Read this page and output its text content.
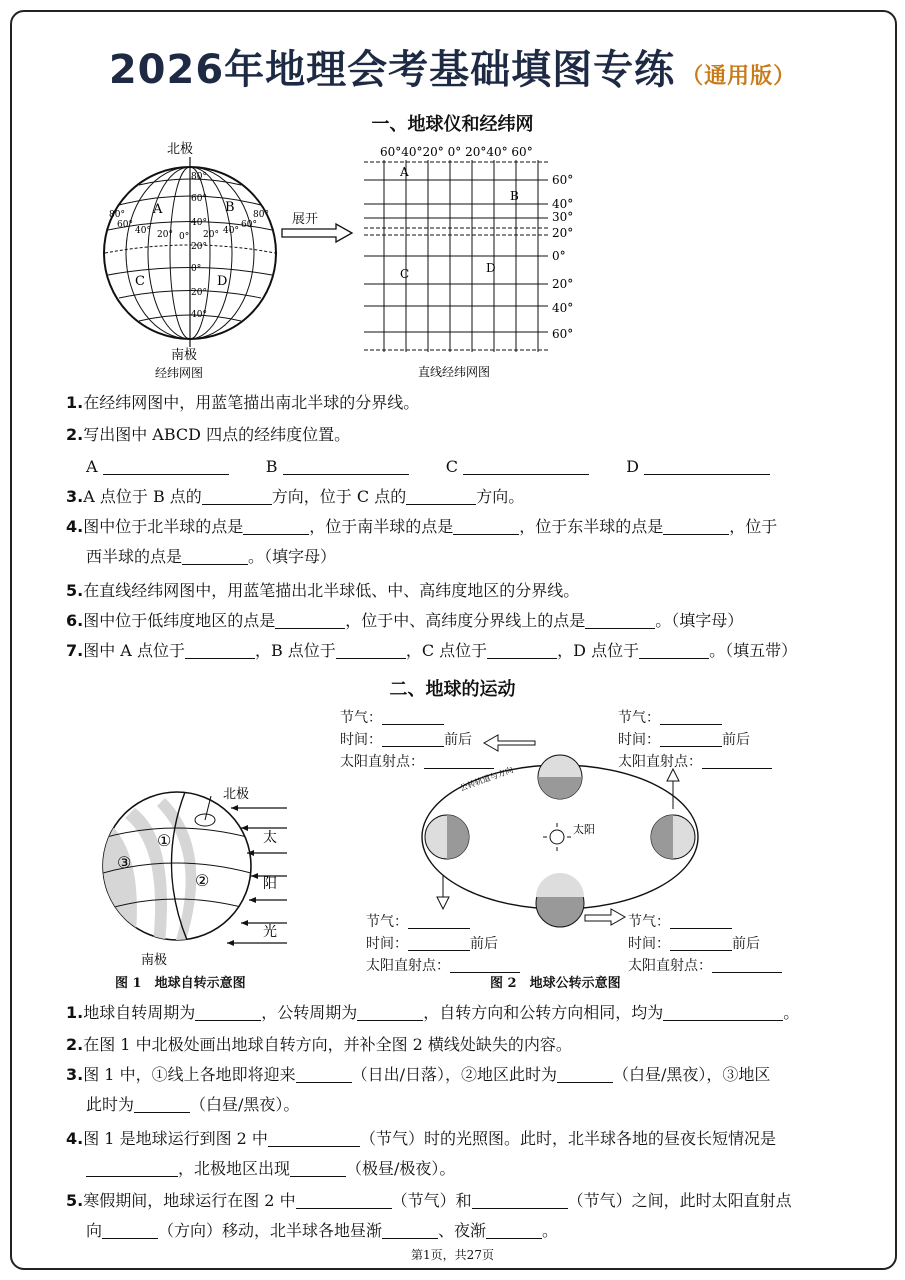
2026年地理会考基础填图专练 （通用版）
一、地球仪和经纬网
北极
A	B
C	D
80°
60°
40°
20°
0°
20°
40°
80°
60°
40° 20° 0° 20° 40°
60°
80°
南极
经纬网图
展开
60°40°20° 0° 20°40° 60°
60°
40°
30°
20°
0°
20°
40°
60°
A
B
C	D
直线经纬网图
1.在经纬网图中，用蓝笔描出南北半球的分界线。
2.写出图中 ABCD 四点的经纬度位置。
A	B	C	D
3.A 点位于 B 点的	方向，位于 C 点的	方向。
4.图中位于北半球的点是	，位于南半球的点是	，位于东半球的点是	，位于
西半球的点是	。（填字母）
5.在直线经纬网图中，用蓝笔描出北半球低、中、高纬度地区的分界线。
6.图中位于低纬度地区的点是	，位于中、高纬度分界线上的点是	。（填字母）
7.图中 A 点位于	，B 点位于	，C 点位于	，D 点位于	。（填五带）
二、地球的运动
北极
①
②
③
太
阳
光
南极
图 1　地球自转示意图
太阳
公转轨道与方向
图 2　地球公转示意图
节气：
时间：	前后
太阳直射点：
节气：
时间：	前后
太阳直射点：
节气：
时间：	前后
太阳直射点：
节气：
时间：	前后
太阳直射点：
1.地球自转周期为	，公转周期为	，自转方向和公转方向相同，均为	。
2.在图 1 中北极处画出地球自转方向，并补全图 2 横线处缺失的内容。
3.图 1 中，①线上各地即将迎来	（日出/日落），②地区此时为	（白昼/黑夜），③地区
此时为	（白昼/黑夜）。
4.图 1 是地球运行到图 2 中	（节气）时的光照图。此时，北半球各地的昼夜长短情况是
，北极地区出现	（极昼/极夜）。
5.寒假期间，地球运行在图 2 中	（节气）和	（节气）之间，此时太阳直射点
向	（方向）移动，北半球各地昼渐	、夜渐	。
第1页，共27页
